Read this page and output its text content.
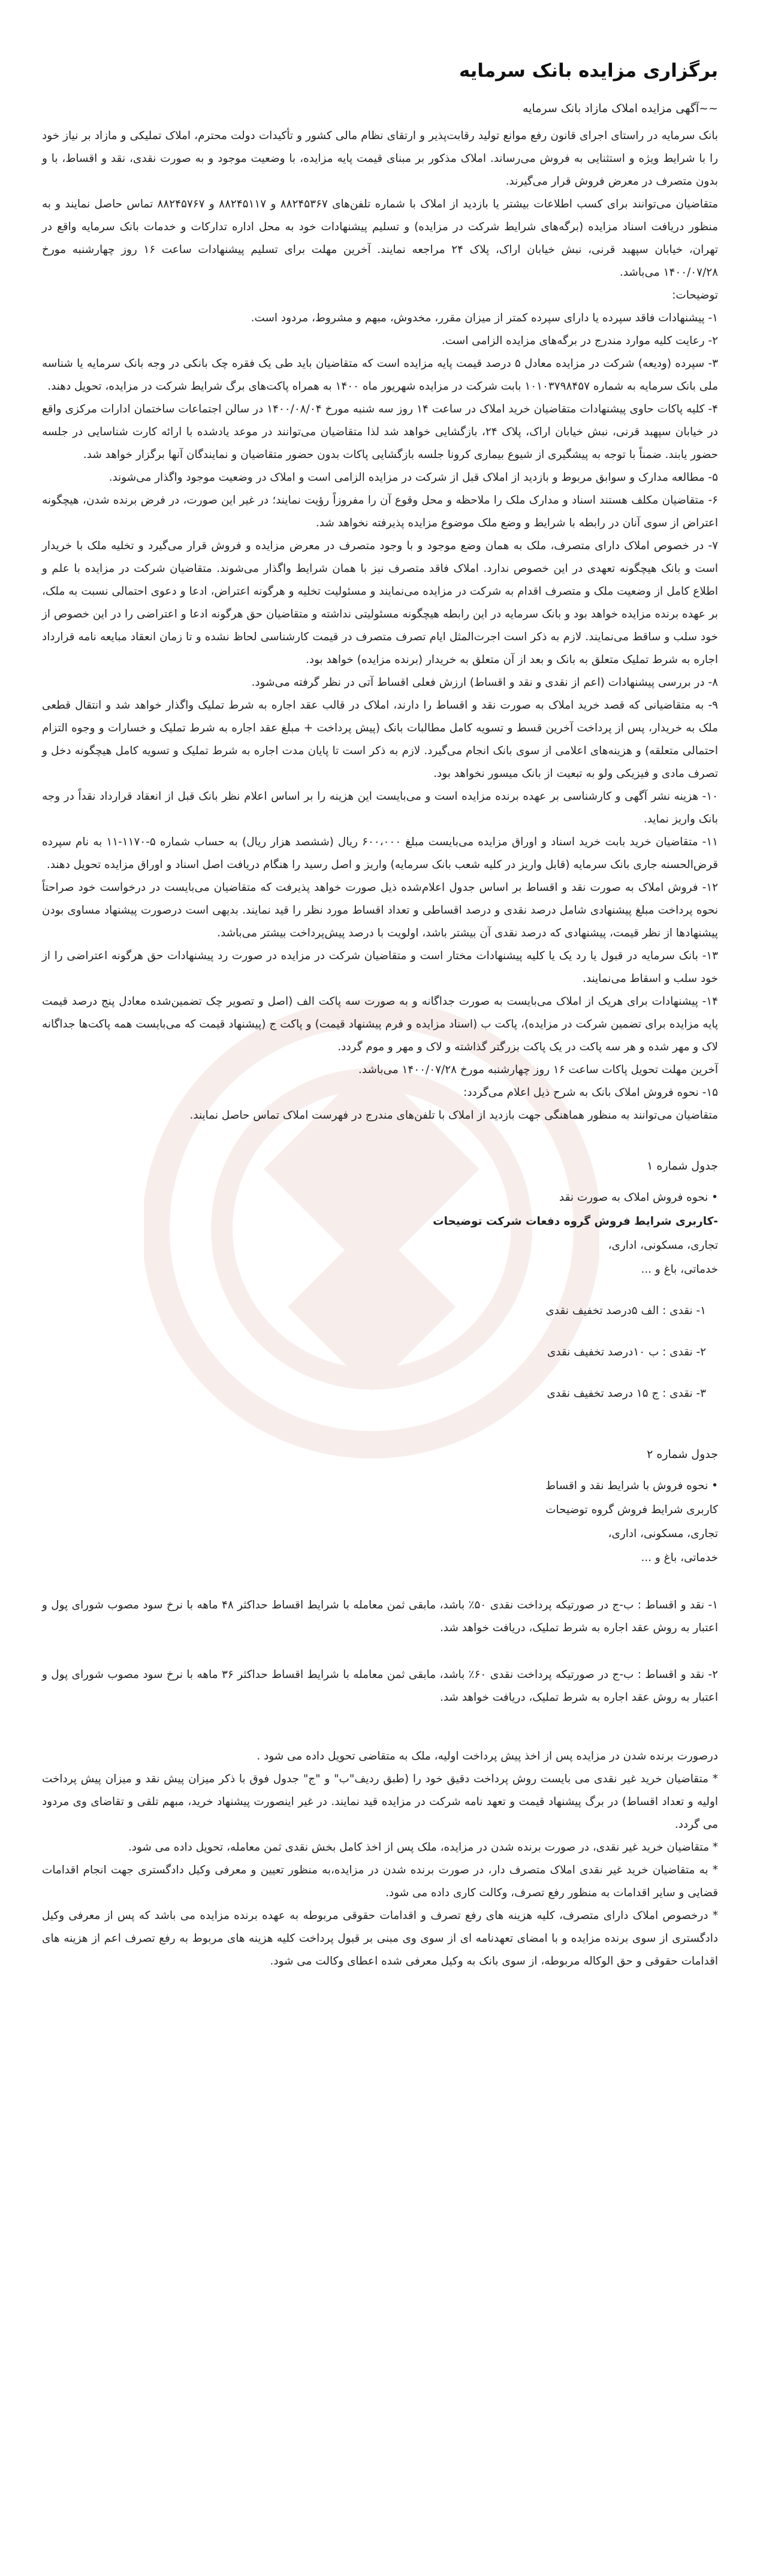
برگزاری مزایده بانک سرمایه
~~آگهی مزایده املاک مازاد بانک سرمایه

بانک سرمایه در راستای اجرای قانون رفع موانع تولید رقابت‌پذیر و ارتقای نظام مالی کشور و تأکیدات دولت محترم، املاک تملیکی و مازاد بر نیاز خود را با شرایط ویژه و استثنایی به فروش می‌رساند. املاک مذکور بر مبنای قیمت پایه مزایده، با وضعیت موجود و به صورت نقدی، نقد و اقساط، با و بدون متصرف در معرض فروش قرار می‌گیرند.

متقاضیان می‌توانند برای کسب اطلاعات بیشتر یا بازدید از املاک با شماره تلفن‌های ۸۸۲۴۵۳۶۷ و ۸۸۲۴۵۱۱۷ و ۸۸۲۴۵۷۶۷ تماس حاصل نمایند و به منظور دریافت اسناد مزایده (برگه‌های شرایط شرکت در مزایده) و تسلیم پیشنهادات خود به محل اداره تدارکات و خدمات بانک سرمایه واقع در تهران، خیابان سپهبد قرنی، نبش خیابان اراک، پلاک ۲۴ مراجعه نمایند. آخرین مهلت برای تسلیم پیشنهادات ساعت ۱۶ روز چهارشنبه مورخ ۱۴۰۰/۰۷/۲۸ می‌باشد.

توضیحات:

۱- پیشنهادات فاقد سپرده یا دارای سپرده کمتر از میزان مقرر، مخدوش، مبهم و مشروط، مردود است.

۲- رعایت کلیه موارد مندرج در برگه‌های مزایده الزامی است.

۳- سپرده (ودیعه) شرکت در مزایده معادل ۵ درصد قیمت پایه مزایده است که متقاضیان باید طی یک فقره چک بانکی در وجه بانک سرمایه یا شناسه ملی بانک سرمایه به شماره ۱۰۱۰۳۷۹۸۴۵۷ بابت شرکت در مزایده شهریور ماه ۱۴۰۰ به همراه پاکت‌های برگ شرایط شرکت در مزایده، تحویل دهند.

۴- کلیه پاکات حاوی پیشنهادات متقاضیان خرید املاک در ساعت ۱۴ روز سه شنبه مورخ ۱۴۰۰/۰۸/۰۴ در سالن اجتماعات ساختمان ادارات مرکزی واقع در خیابان سپهبد قرنی، نبش خیابان اراک، پلاک ۲۴، بازگشایی خواهد شد لذا متقاضیان می‌توانند در موعد یادشده با ارائه کارت شناسایی در جلسه حضور یابند. ضمناً با توجه به پیشگیری از شیوع بیماری کرونا جلسه بازگشایی پاکات بدون حضور متقاضیان و نمایندگان آنها برگزار خواهد شد.

۵- مطالعه مدارک و سوابق مربوط و بازدید از املاک قبل از شرکت در مزایده الزامی است و املاک در وضعیت موجود واگذار می‌شوند.

۶- متقاضیان مکلف هستند اسناد و مدارک ملک را ملاحظه و محل وقوع آن را مفروزاً رؤیت نمایند؛ در غیر این صورت، در فرض برنده شدن، هیچگونه اعتراض از سوی آنان در رابطه با شرایط و وضع ملک موضوع مزایده پذیرفته نخواهد شد.

۷- در خصوص املاک دارای متصرف، ملک به همان وضع موجود و با وجود متصرف در معرض مزایده و فروش قرار می‌گیرد و تخلیه ملک با خریدار است و بانک هیچگونه تعهدی در این خصوص ندارد. املاک فاقد متصرف نیز با همان شرایط واگذار می‌شوند. متقاضیان شرکت در مزایده با علم و اطلاع کامل از وضعیت ملک و متصرف اقدام به شرکت در مزایده می‌نمایند و مسئولیت تخلیه و هرگونه اعتراض، ادعا و دعوی احتمالی نسبت به ملک، بر عهده برنده مزایده خواهد بود و بانک سرمایه در این رابطه هیچگونه مسئولیتی نداشته و متقاضیان حق هرگونه ادعا و اعتراضی را در این خصوص از خود سلب و ساقط می‌نمایند. لازم به ذکر است اجرت‌المثل ایام تصرف متصرف در قیمت کارشناسی لحاظ نشده و تا زمان انعقاد مبایعه نامه قرارداد اجاره به شرط تملیک متعلق به بانک و بعد از آن متعلق به خریدار (برنده مزایده) خواهد بود.

۸- در بررسی پیشنهادات (اعم از نقدی و نقد و اقساط) ارزش فعلی اقساط آتی در نظر گرفته می‌شود.

۹- به متقاضیانی که قصد خرید املاک به صورت نقد و اقساط را دارند، املاک در قالب عقد اجاره به شرط تملیک واگذار خواهد شد و انتقال قطعی ملک به خریدار، پس از پرداخت آخرین قسط و تسویه کامل مطالبات بانک (پیش پرداخت + مبلغ عقد اجاره به شرط تملیک و خسارات و وجوه التزام احتمالی متعلقه) و هزینه‌های اعلامی از سوی بانک انجام می‌گیرد. لازم به ذکر است تا پایان مدت اجاره به شرط تملیک و تسویه کامل هیچگونه دخل و تصرف مادی و فیزیکی ولو به تبعیت از بانک میسور نخواهد بود.

۱۰- هزینه نشر آگهی و کارشناسی بر عهده برنده مزایده است و می‌بایست این هزینه را بر اساس اعلام نظر بانک قبل از انعقاد قرارداد نقداً در وجه بانک واریز نماید.

۱۱- متقاضیان خرید بابت خرید اسناد و اوراق مزایده می‌بایست مبلغ ۶۰۰،۰۰۰ ریال (ششصد هزار ریال) به حساب شماره ۵-۱۱۷۰-۱۱ به نام سپرده قرض‌الحسنه جاری بانک سرمایه (قابل واریز در کلیه شعب بانک سرمایه) واریز و اصل رسید را هنگام دریافت اصل اسناد و اوراق مزایده تحویل دهند.

۱۲- فروش املاک به صورت نقد و اقساط بر اساس جدول اعلام‌شده ذیل صورت خواهد پذیرفت که متقاضیان می‌بایست در درخواست خود صراحتاً نحوه پرداخت مبلغ پیشنهادی شامل درصد نقدی و درصد اقساطی و تعداد اقساط مورد نظر را قید نمایند. بدیهی است درصورت پیشنهاد مساوی بودن پیشنهادها از نظر قیمت، پیشنهادی که درصد نقدی آن بیشتر باشد، اولویت با درصد پیش‌پرداخت بیشتر می‌باشد.

۱۳- بانک سرمایه در قبول یا رد یک یا کلیه پیشنهادات مختار است و متقاضیان شرکت در مزایده در صورت رد پیشنهادات حق هرگونه اعتراضی را از خود سلب و اسقاط می‌نمایند.

۱۴- پیشنهادات برای هریک از املاک می‌بایست به صورت جداگانه و به صورت سه پاکت الف (اصل و تصویر چک تضمین‌شده معادل پنج درصد قیمت پایه مزایده برای تضمین شرکت در مزایده)، پاکت ب (اسناد مزایده و فرم پیشنهاد قیمت) و پاکت ج (پیشنهاد قیمت که می‌بایست همه پاکت‌ها جداگانه لاک و مهر شده و هر سه پاکت در یک پاکت بزرگتر گذاشته و لاک و مهر و موم گردد.

آخرین مهلت تحویل پاکات ساعت ۱۶ روز چهارشنبه مورخ ۱۴۰۰/۰۷/۲۸ می‌باشد.

۱۵- نحوه فروش املاک بانک به شرح ذیل اعلام می‌گردد:

متقاضیان می‌توانند به منظور هماهنگی جهت بازدید از املاک با تلفن‌های مندرج در فهرست املاک تماس حاصل نمایند.

جدول شماره ۱
• نحوه فروش املاک به صورت نقد
-کاربری شرایط فروش گروه دفعات شرکت توضیحات
تجاری، مسکونی، اداری،
خدماتی، باغ و ...
۱- نقدی : الف ۵درصد تخفیف نقدی
۲- نقدی : ب ۱۰درصد تخفیف نقدی
۳- نقدی : ج ۱۵ درصد تخفیف نقدی
جدول شماره ۲
• نحوه فروش با شرایط نقد و اقساط
کاربری شرایط فروش گروه توضیحات
تجاری، مسکونی، اداری،
خدماتی، باغ و ...

۱- نقد و اقساط : ب-ج در صورتیکه پرداخت نقدی ۵۰٪ باشد، مابقی ثمن معامله با شرایط اقساط حداکثر ۴۸ ماهه با نرخ سود مصوب شورای پول و اعتبار به روش عقد اجاره به شرط تملیک، دریافت خواهد شد.

۲- نقد و اقساط : ب-ج در صورتیکه پرداخت نقدی ۶۰٪ باشد، مابقی ثمن معامله با شرایط اقساط حداکثر ۳۶ ماهه با نرخ سود مصوب شورای پول و اعتبار به روش عقد اجاره به شرط تملیک، دریافت خواهد شد.

درصورت برنده شدن در مزایده پس از اخذ پیش پرداخت اولیه، ملک به متقاضی تحویل داده می شود .

* متقاضیان خرید غیر نقدی می بایست روش پرداخت دقیق خود را (طبق ردیف"ب" و "ج" جدول فوق با ذکر میزان پیش نقد و میزان پیش پرداخت اولیه و تعداد اقساط) در برگ پیشنهاد قیمت و تعهد نامه شرکت در مزایده قید نمایند. در غیر اینصورت پیشنهاد خرید، مبهم تلقی و تقاضای وی مردود می گردد.

* متقاضیان خرید غیر نقدی، در صورت برنده شدن در مزایده، ملک پس از اخذ کامل بخش نقدی ثمن معامله، تحویل داده می شود.

* به متقاضیان خرید غیر نقدی املاک متصرف دار، در صورت برنده شدن در مزایده،به منظور تعیین و معرفی وکیل دادگستری جهت انجام اقدامات قضایی و سایر اقدامات به منظور رفع تصرف، وکالت کاری داده می شود.

* درخصوص املاک دارای متصرف، کلیه هزینه های رفع تصرف و اقدامات حقوقی مربوطه به عهده برنده مزایده می باشد که پس از معرفی وکیل دادگستری از سوی برنده مزایده و با امضای تعهدنامه ای از سوی وی مبنی بر قبول پرداخت کلیه هزینه های مربوط به رفع تصرف اعم از هزینه های اقدامات حقوقی و حق الوکاله مربوطه، از سوی بانک به وکیل معرفی شده اعطای وکالت می شود.
